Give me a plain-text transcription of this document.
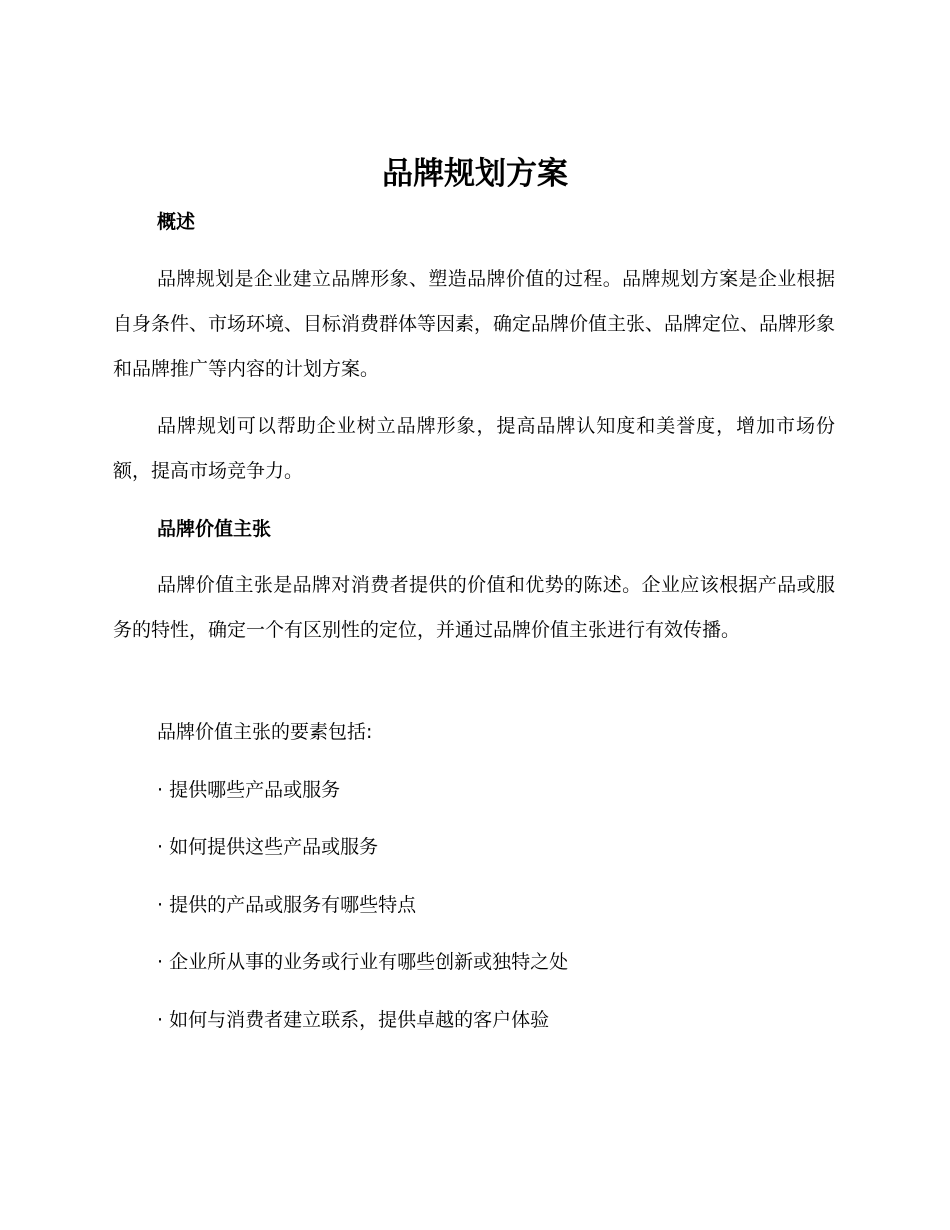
品牌规划方案
概述

品牌规划是企业建立品牌形象、塑造品牌价值的过程。品牌规划方案是企业根据自身条件、市场环境、目标消费群体等因素，确定品牌价值主张、品牌定位、品牌形象和品牌推广等内容的计划方案。

品牌规划可以帮助企业树立品牌形象，提高品牌认知度和美誉度，增加市场份额，提高市场竞争力。

品牌价值主张

品牌价值主张是品牌对消费者提供的价值和优势的陈述。企业应该根据产品或服务的特性，确定一个有区别性的定位，并通过品牌价值主张进行有效传播。

品牌价值主张的要素包括:
· 提供哪些产品或服务
· 如何提供这些产品或服务
· 提供的产品或服务有哪些特点
· 企业所从事的业务或行业有哪些创新或独特之处
· 如何与消费者建立联系，提供卓越的客户体验
